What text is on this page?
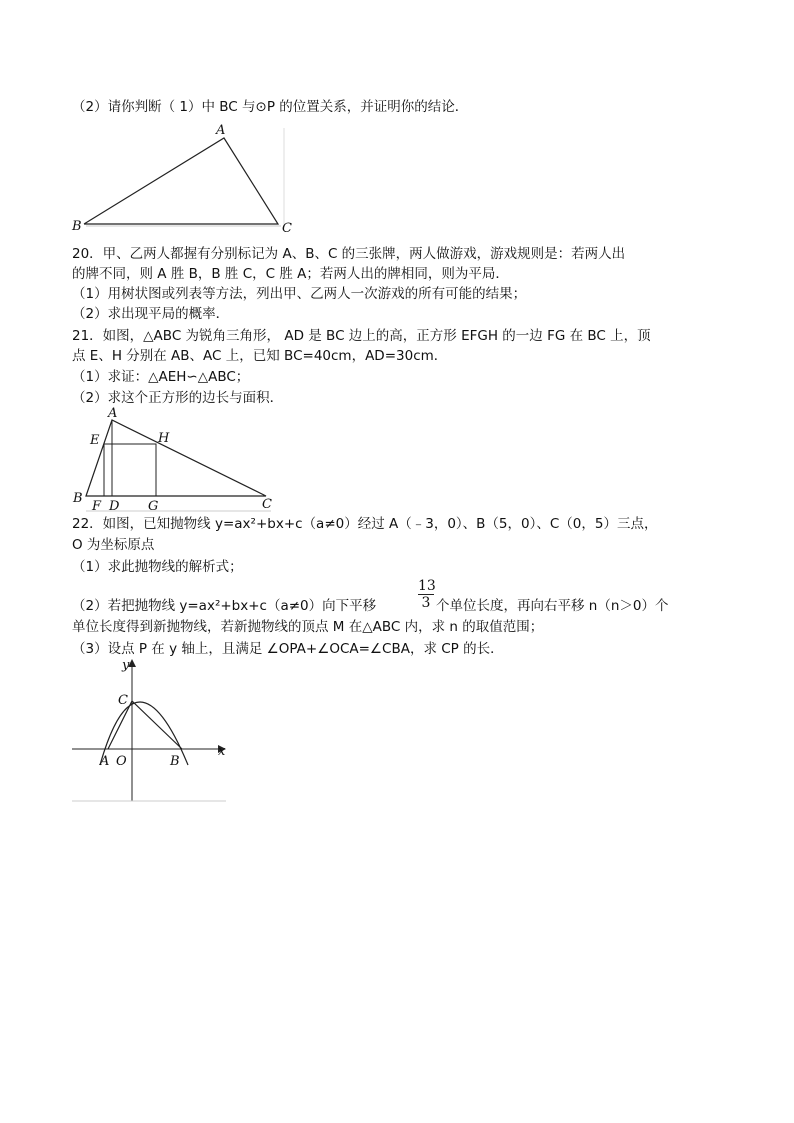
（2）请你判断（ 1）中 BC 与⊙P 的位置关系，并证明你的结论．
A
B	C
20．甲、乙两人都握有分别标记为 A、B、C 的三张牌，两人做游戏，游戏规则是：若两人出
的牌不同，则 A 胜 B，B 胜 C，C 胜 A；若两人出的牌相同，则为平局．
（1）用树状图或列表等方法，列出甲、乙两人一次游戏的所有可能的结果；
（2）求出现平局的概率．
21．如图，△ABC 为锐角三角形， AD 是 BC 边上的高，正方形 EFGH 的一边 FG 在 BC 上，顶
点 E、H 分别在 AB、AC 上，已知 BC=40cm，AD=30cm．
（1）求证：△AEH∽△ABC；
（2）求这个正方形的边长与面积．
A
E	H
B
F D G	C
22．如图，已知抛物线 y=ax²+bx+c（a≠0）经过 A（﹣3，0）、B（5，0）、C（0，5）三点，
O 为坐标原点
（1）求此抛物线的解析式；
$\frac{13}{3}$
（2）若把抛物线 y=ax²+bx+c（a≠0）向下平移	个单位长度，再向右平移 n（n＞0）个
单位长度得到新抛物线，若新抛物线的顶点 M 在△ABC 内，求 n 的取值范围；
（3）设点 P 在 y 轴上，且满足 ∠OPA+∠OCA=∠CBA，求 CP 的长．
y
x
C
A O	B
